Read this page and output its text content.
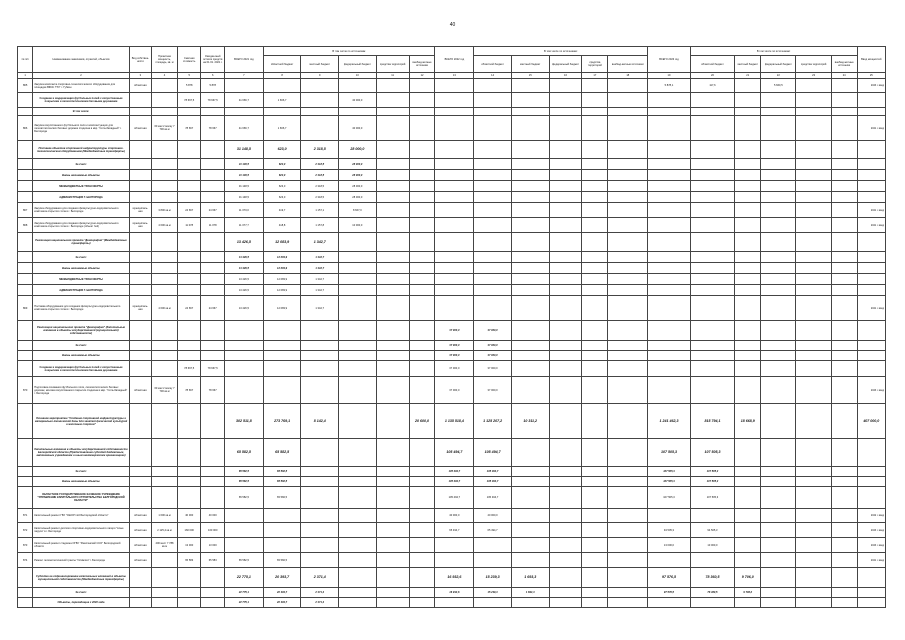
40
№ п/п	Наименование заказчиков, отраслей, объектов	Вид собствен-ности	Проектная мощность, площадь, кв. м	Сметная стоимость	Ожидае-мый остаток средств на 01.01. 2021 г.	ВСЕГО 2021 год	В том числе по источникам:					ВСЕГО 2022 год	В том числе по источникам:					ВСЕГО 2023 год	В том числе по источникам:					Ввод мощностей
							областной бюджет	местный бюджет	федеральный бюджет	средства территорий	внебюд-жетные источники		областной бюджет	местный бюджет	федеральный бюджет	средства территорий	внебюд-жетные источники		областной бюджет	местный бюджет	федеральный бюджет	средства территорий	внебюд-жетные источники	
1	2	3	4	5	6	7	8	9	10	11	12	13	14	15	16	17	18	19	20	21	22	23	24	25
865	Закупка комплекта спортивно-технологического оборудования для площадки ВФСК ГТО" г. Губкин	областная		5 878	5 878													5 878,1	117,6		5 660,5			2023 г. ввод
	Создание и модернизация футбольных полей с искусственным покрытием и легкоатлетическими беговыми дорожками			78 667,5	78 667,5	41 666,7	1 666,7		40 000,0															
	В том числе:																							
866	Закупка искусственного футбольного поля и комплектующих для легкоатлетических беговых дорожек стадиона в мкр. "Сота-Западный" г. Белгорода	областная	60 мест/ молку 7 700 кв.м	78 667	78 667	41 666,7	1 666,7		40 000,0															2021 г. ввод
	Поставка объектов спортивной инфраструктуры спортивно-технологическим оборудованием (Межбюджетные трансферты)					31 148,5	623,0	2 318,5	28 000,0															
	За счет:					31 148,5	623,0	2 318,5	28 000,0															
	Вновь начинаемые объекты					31 148,5	623,0	2 318,5	28 000,0															
	МЕЖБЮДЖЕТНЫЕ ТРАНСФЕРТЫ					31 148,5	623,0	2 318,5	28 000,0															
	АДМИНИСТРАЦИЯ Г. БЕЛГОРОДА					31 148,5	623,0	2 318,5	28 000,0															
867	Закупка оборудования для создания физкультурно-оздоровительного комплекса открытого типа в г. Белгороде	муниципаль-ная	3 800 кв.м	24 667	24 667	11 070,0	419,7	1 157,1	8 667,0															2021 г. ввод
868	Закупка оборудования для создания физкультурно-оздоровительного комплекса открытого типа в г. Белгороде (объект №2)	муниципаль-ная	4 600 кв.м	11 078	11 078	11 077,7	418,8	1 157,8	10 000,0															2021 г. ввод
	Реализация национального проекта "Демография" (Межбюджетные трансферты)					13 426,5	12 083,9	1 342,7																
	За счет:					13 426,5	12 083,9	1 342,7																
	Вновь начинаемые объекты					13 426,5	12 083,9	1 342,7																
	МЕЖБЮДЖЕТНЫЕ ТРАНСФЕРТЫ					13 426,5	12 083,9	1 342,7																
	АДМИНИСТРАЦИЯ Г. БЕЛГОРОДА					13 426,5	12 083,9	1 342,7																
869	Поставка оборудования для создания физкультурно-оздоровительного комплекса открытого типа в г. Белгороде	муниципаль-ная	4 600 кв.м	24 667	24 667	13 426,5	12 083,9	1 342,7																2021 г. ввод
	Реализация национального проекта "Демография" (Капитальные вложения в объекты государственной (муниципальной) собственности)											37 000,0	37 000,0											
	За счет:											37 000,0	37 000,0											
	Вновь начинаемые объекты											37 000,0	37 000,0											
	Создание и модернизация футбольных полей с искусственным покрытием и легкоатлетическими беговыми дорожками			78 667,5	78 667,5							37 000,0	37 000,0											
870	Подготовка основания футбольного поля, легкоатлетических беговых дорожек, монтаж искусственного покрытия стадиона в мкр. "Сота-Западный" г. Белгорода	областная	60 мест/ молку 7 700 кв.м	78 667	78 667							37 000,0	37 000,0											2023 г. ввод
	Основное мероприятие "Создание спортивной инфраструктуры и материально-технической базы для занятий физической культурой и массовым спортом"					302 511,8	273 769,1	8 142,4			20 600,0	1 135 518,4	1 125 207,2	10 311,2				1 241 462,3	815 794,1	18 668,9				407 000,0
	Капитальные вложения в объекты государственной собственности Белгородской области (Предоставление субсидий бюджетным, автономным учреждениям и иным некоммерческим организациям)					65 582,5	65 582,5					105 494,7	105 494,7					107 505,3	107 505,3					
	За счет:					65 582,5	65 582,5					105 494,7	105 494,7					107 505,3	107 505,3					
	Вновь начинаемые объекты					65 582,5	65 582,5					105 494,7	105 494,7					107 505,3	107 505,3					
	ОБЛАСТНОЕ ГОСУДАРСТВЕННОЕ КАЗЕННОЕ УЧРЕЖДЕНИЕ "УПРАВЛЕНИЕ КАПИТАЛЬНОГО СТРОИТЕЛЬСТВА БЕЛГОРОДСКОЙ ОБЛАСТИ"					65 582,5	65 582,5					105 494,7	105 494,7					107 505,3	107 505,3					
871	Капитальный ремонт ГБУ "СШОР №3 Белгородской области"	областная	1 600 кв.м	40 000	40 000							40 000,0	40 000,0											2022 г. ввод
872	Капитальный ремонт детского спортивно-оздоровительного лагеря "Алые паруса" в г. Белгороде	областная	2 125,4 кв.м	160 000	160 000							65 494,7	65 494,7					94 505,3	94 505,3					2023 г. ввод
873	Капитальный ремонт стадиона ОГБУ "Ракитянский ССО" Белгородской области	областная	400 мест 7 788 кв.м	13 000	13 000													13 000,0	13 000,0					2023 г. ввод
874	Ремонт легкоатлетической трассы "Олимпия" г. Белгорода	областная		65 583	65 583	65 582,5	65 582,5																	2021 г. ввод
	Субсидии на софинансирование капитальных вложений в объекты муниципальной собственности (Межбюджетные трансферты)					22 775,1	20 393,7	2 371,4				16 932,6	15 239,3	1 693,3				97 576,5	78 360,5	9 706,0				
	За счет:					22 775,1	20 393,7	2 371,4				16 932,6	15 239,3	1 693,3				97 576,5	78 360,5	9 706,0				
	Объекты, переходящие с 2020 года					22 775,1	20 393,7	2 371,4																
